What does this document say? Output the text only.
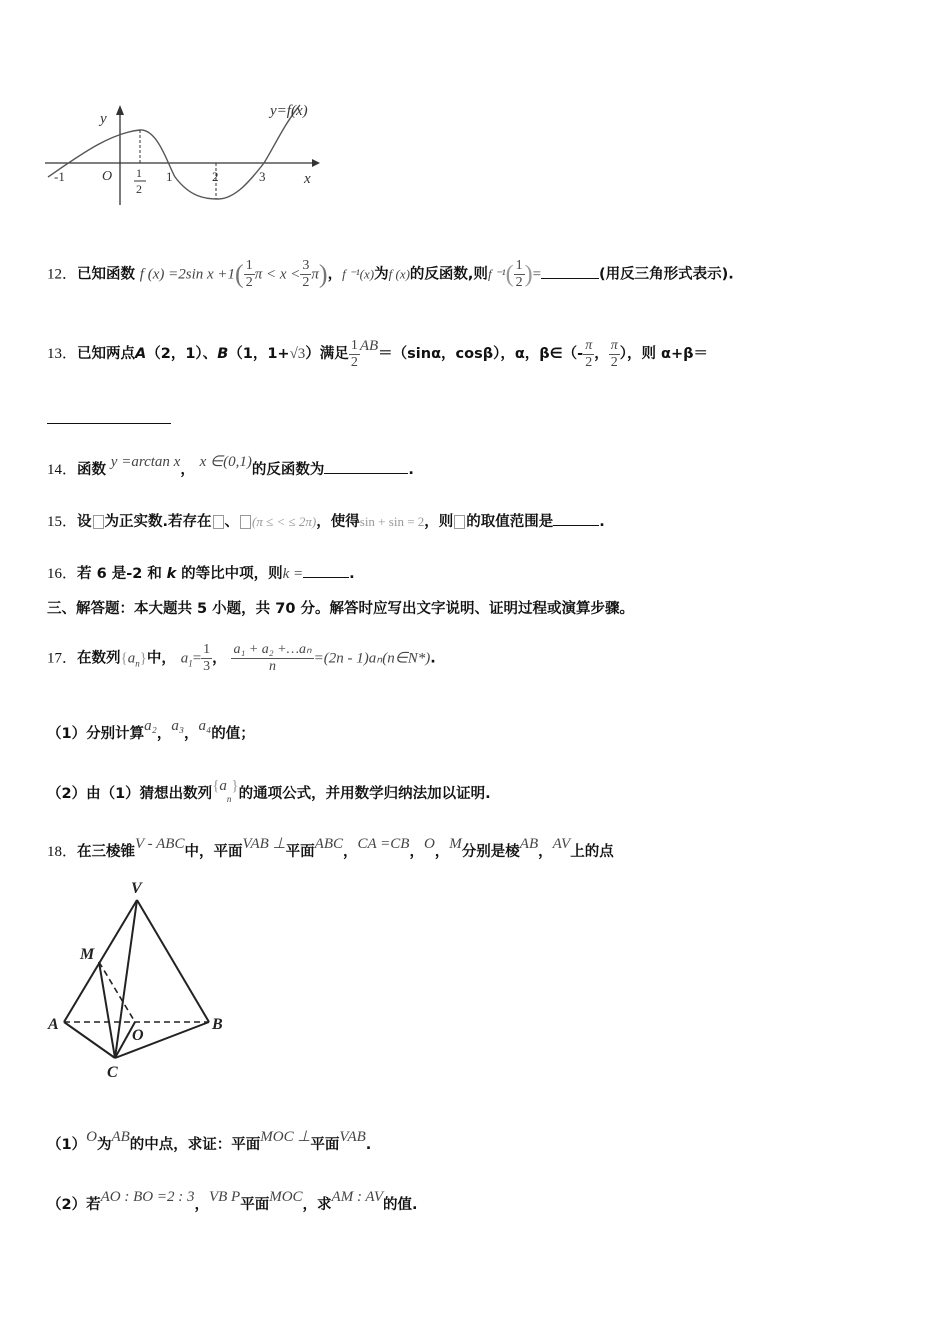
y=f(x)
y
x
O
-1	1
2
1	2	3
12．已知函数 f (x) =2sin $x +1( \frac{1}{2}$ $\pi < x < \frac{3}{2} \pi$)，f ⁻¹(x)为f (x)的反函数,则f $^{-1}( \frac{1}{2}$ )=	(用反三角形式表示).
13．已知两点A（2，1）、B（1，1+√3）满足 $\frac{1}{2} AB=(\sin\alpha$，cosβ），α，β∈（- $\frac{\pi}{2}$ ， $\frac{\pi}{2}$ ），则 α+β＝
14．函数 y =arctan x， x ∈(0,1)的反函数为	.
15．设 为正实数.若存在 、 (π ≤ < ≤ 2π)，使得sin + sin = 2，则 的取值范围是	.
16．若 6 是-2 和 k 的等比中项，则k =	.
三、解答题：本大题共 5 小题，共 70 分。解答时应写出文字说明、证明过程或演算步骤。
17．在数列$\{a_n\}$中， $a_1= \frac{1}{3}$ ， $\frac{\text{a₁ + a₂ +…aₙ}}{n} =(2n$ - 1)aₙ(n∈N*).
（1）分别计算a₂，a₃，a₄的值；
（2）由（1）猜想出数列$\{a_n\}$的通项公式，并用数学归纳法加以证明.
18．在三棱锥V - ABC中，平面VAB ⊥平面ABC，CA =CB，O，M分别是棱AB，AV上的点
V
M
A
O
B
C
（1）O为AB的中点，求证：平面MOC ⊥平面VAB.
（2）若AO : BO =2 : 3，VB P平面MOC，求AM : AV的值.
